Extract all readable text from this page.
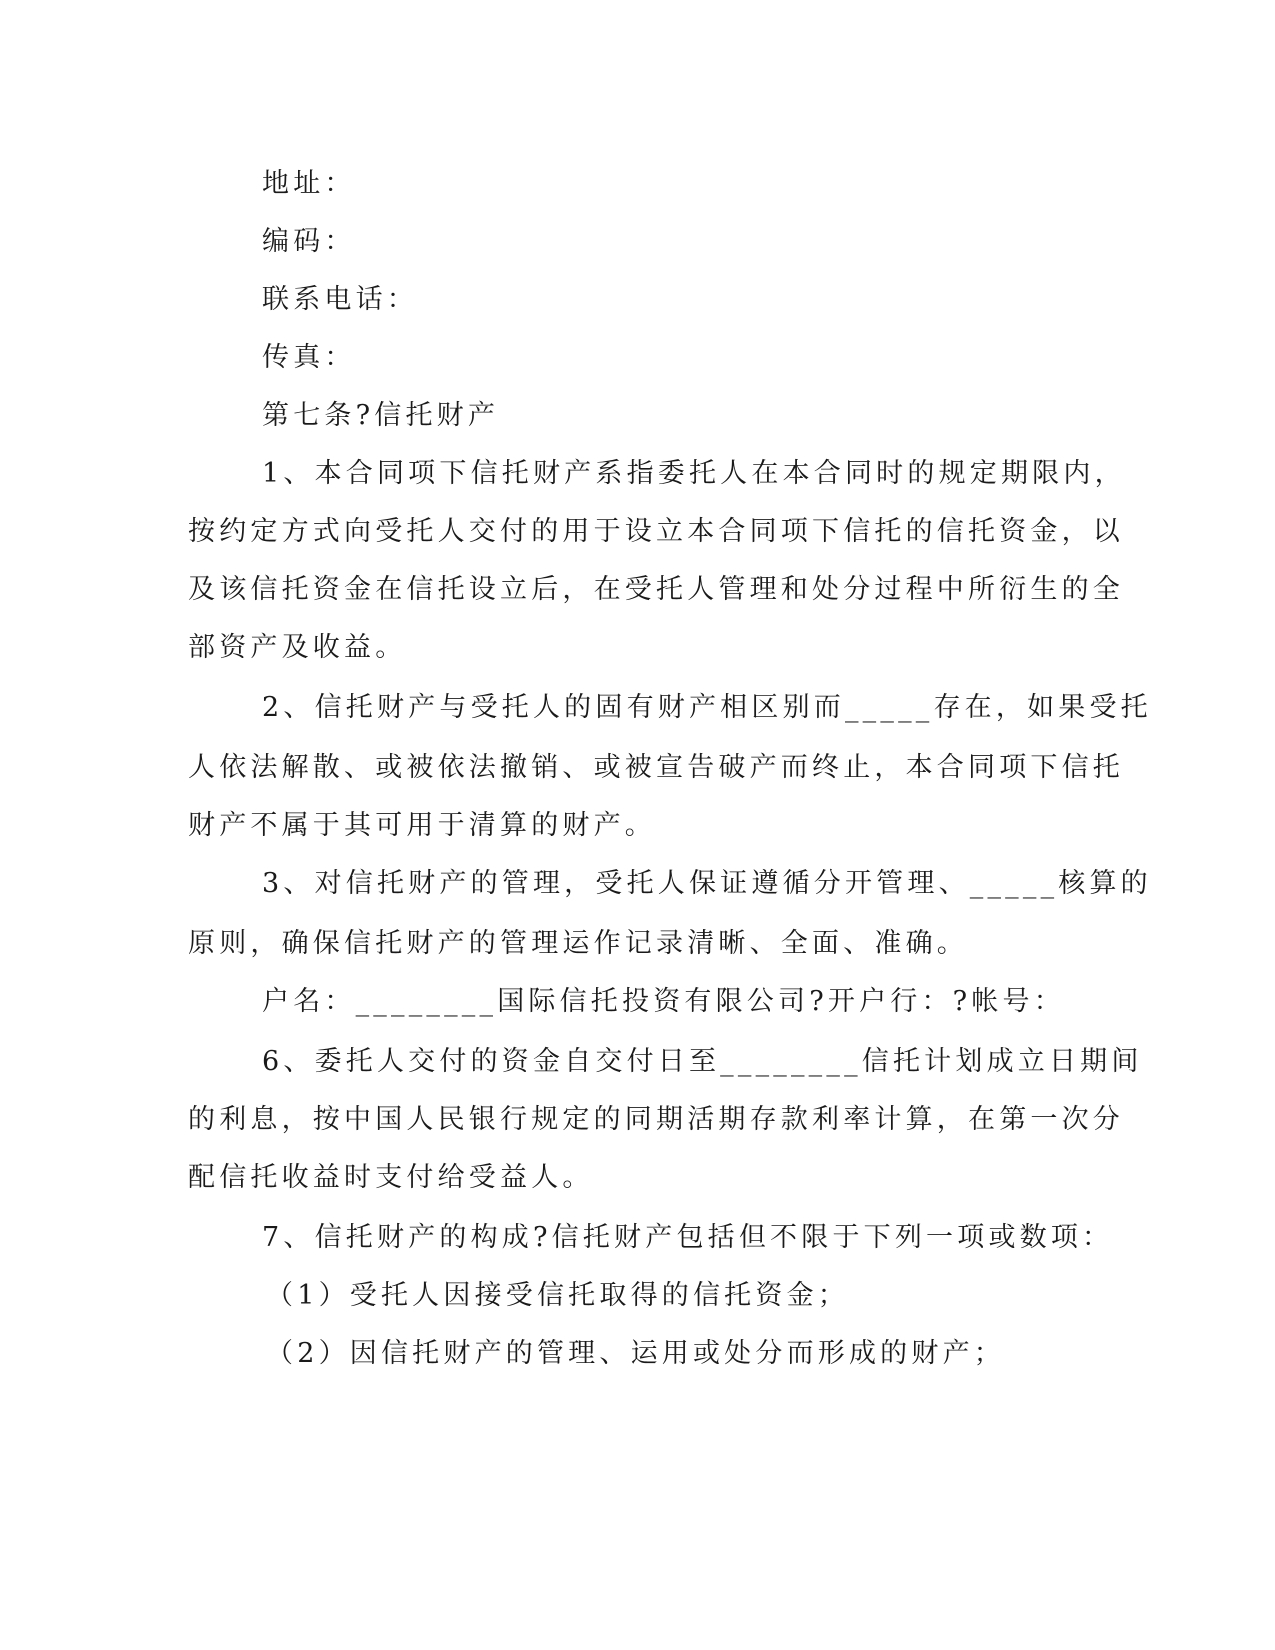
地址：
编码：
联系电话：
传真：
第七条?信托财产
1、本合同项下信托财产系指委托人在本合同时的规定期限内，
按约定方式向受托人交付的用于设立本合同项下信托的信托资金，以
及该信托资金在信托设立后，在受托人管理和处分过程中所衍生的全
部资产及收益。
2、信托财产与受托人的固有财产相区别而_____存在，如果受托
人依法解散、或被依法撤销、或被宣告破产而终止，本合同项下信托
财产不属于其可用于清算的财产。
3、对信托财产的管理，受托人保证遵循分开管理、_____核算的
原则，确保信托财产的管理运作记录清晰、全面、准确。
户名：________国际信托投资有限公司?开户行：?帐号：
6、委托人交付的资金自交付日至________信托计划成立日期间
的利息，按中国人民银行规定的同期活期存款利率计算，在第一次分
配信托收益时支付给受益人。
7、信托财产的构成?信托财产包括但不限于下列一项或数项：
（1）受托人因接受信托取得的信托资金；
（2）因信托财产的管理、运用或处分而形成的财产；
